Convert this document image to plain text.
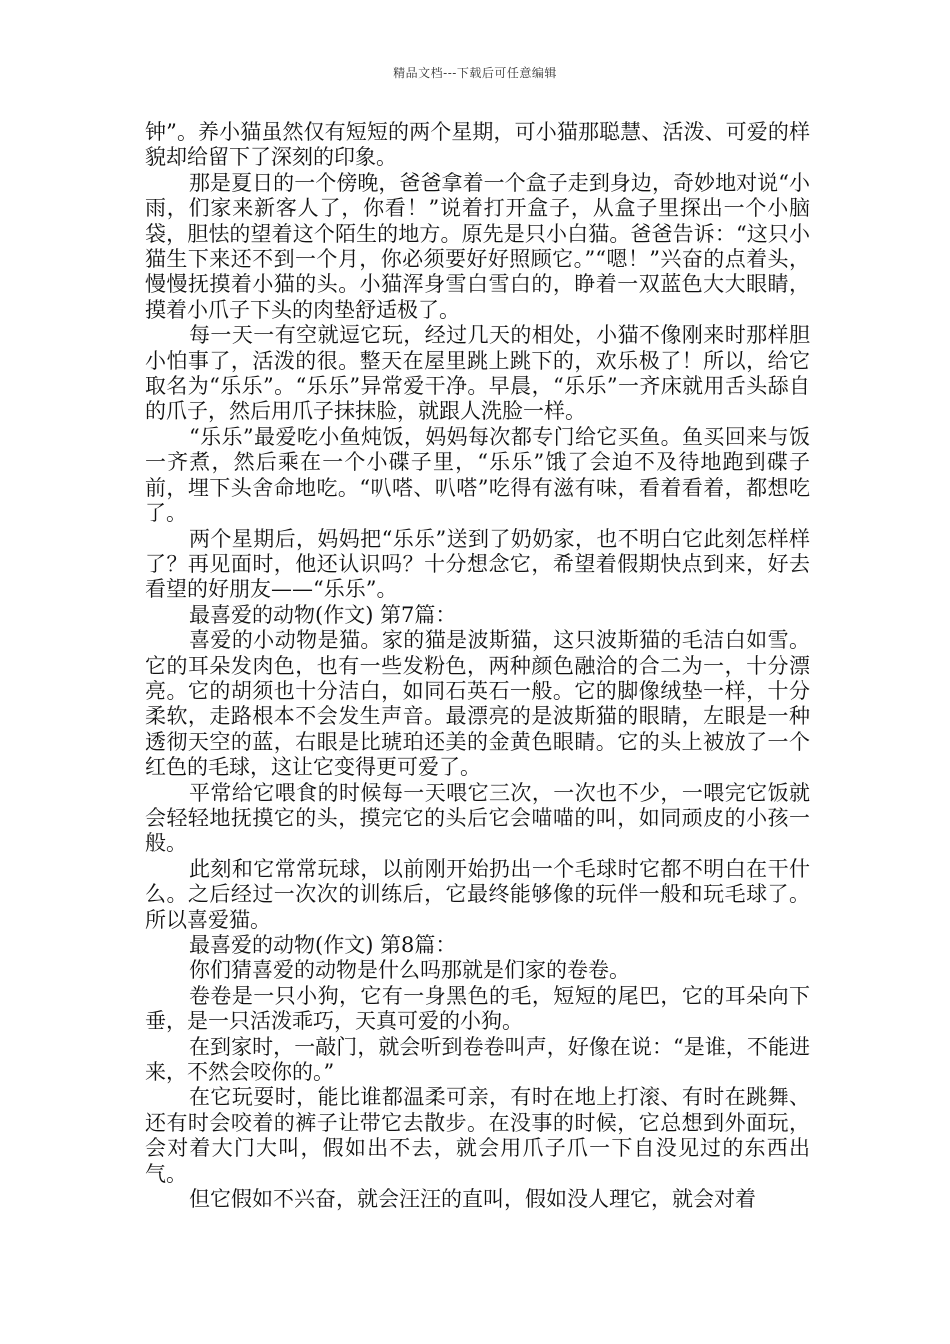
精品文档---下载后可任意编辑

钟”。养小猫虽然仅有短短的两个星期，可小猫那聪慧、活泼、可爱的样貌却给留下了深刻的印象。

那是夏日的一个傍晚，爸爸拿着一个盒子走到身边，奇妙地对说“小雨，们家来新客人了，你看！”说着打开盒子，从盒子里探出一个小脑袋，胆怯的望着这个陌生的地方。原先是只小白猫。爸爸告诉：“这只小猫生下来还不到一个月，你必须要好好照顾它。”“嗯！”兴奋的点着头，慢慢抚摸着小猫的头。小猫浑身雪白雪白的，睁着一双蓝色大大眼睛，摸着小爪子下头的肉垫舒适极了。

每一天一有空就逗它玩，经过几天的相处，小猫不像刚来时那样胆小怕事了，活泼的很。整天在屋里跳上跳下的，欢乐极了！所以，给它取名为“乐乐”。“乐乐”异常爱干净。早晨，“乐乐”一齐床就用舌头舔自的爪子，然后用爪子抹抹脸，就跟人洗脸一样。

“乐乐”最爱吃小鱼炖饭，妈妈每次都专门给它买鱼。鱼买回来与饭一齐煮，然后乘在一个小碟子里，“乐乐”饿了会迫不及待地跑到碟子前，埋下头舍命地吃。“叭嗒、叭嗒”吃得有滋有味，看着看着，都想吃了。

两个星期后，妈妈把“乐乐”送到了奶奶家，也不明白它此刻怎样样了？再见面时，他还认识吗？十分想念它，希望着假期快点到来，好去看望的好朋友——“乐乐”。

最喜爱的动物(作文) 第7篇：

喜爱的小动物是猫。家的猫是波斯猫，这只波斯猫的毛洁白如雪。它的耳朵发肉色，也有一些发粉色，两种颜色融洽的合二为一，十分漂亮。它的胡须也十分洁白，如同石英石一般。它的脚像绒垫一样，十分柔软，走路根本不会发生声音。最漂亮的是波斯猫的眼睛，左眼是一种透彻天空的蓝，右眼是比琥珀还美的金黄色眼睛。它的头上被放了一个红色的毛球，这让它变得更可爱了。

平常给它喂食的时候每一天喂它三次，一次也不少，一喂完它饭就会轻轻地抚摸它的头，摸完它的头后它会喵喵的叫，如同顽皮的小孩一般。

此刻和它常常玩球，以前刚开始扔出一个毛球时它都不明白在干什么。之后经过一次次的训练后，它最终能够像的玩伴一般和玩毛球了。所以喜爱猫。

最喜爱的动物(作文) 第8篇：

你们猜喜爱的动物是什么吗那就是们家的卷卷。

卷卷是一只小狗，它有一身黑色的毛，短短的尾巴，它的耳朵向下垂，是一只活泼乖巧，天真可爱的小狗。

在到家时，一敲门，就会听到卷卷叫声，好像在说：“是谁，不能进来，不然会咬你的。”

在它玩耍时，能比谁都温柔可亲，有时在地上打滚、有时在跳舞、还有时会咬着的裤子让带它去散步。在没事的时候，它总想到外面玩，会对着大门大叫，假如出不去，就会用爪子爪一下自没见过的东西出气。

但它假如不兴奋，就会汪汪的直叫，假如没人理它，就会对着
